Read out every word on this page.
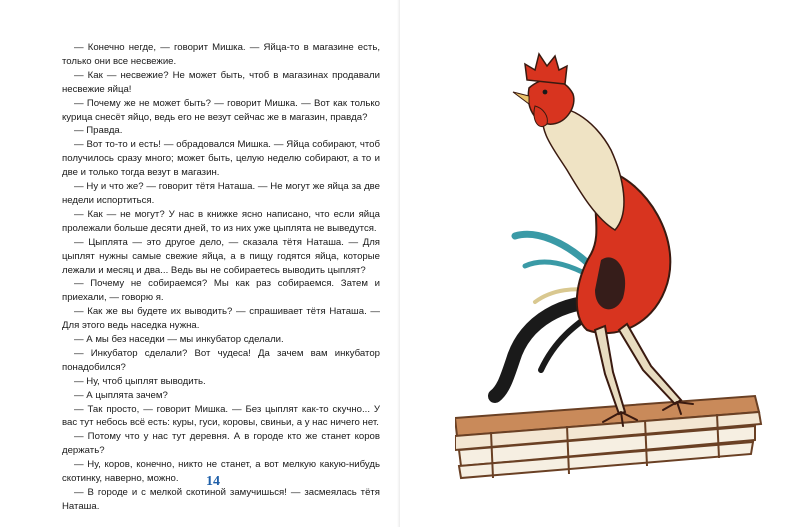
— Конечно негде, — говорит Мишка. — Яйца-то в магазине есть, только они все несвежие.

— Как — несвежие? Не может быть, чтоб в магазинах продавали несвежие яйца!

— Почему же не может быть? — говорит Мишка. — Вот как только курица снесёт яйцо, ведь его не везут сейчас же в магазин, правда?

— Правда.

— Вот то-то и есть! — обрадовался Мишка. — Яйца собирают, чтоб получилось сразу много; может быть, целую неделю собирают, а то и две и только тогда везут в магазин.

— Ну и что же? — говорит тётя Наташа. — Не могут же яйца за две недели испортиться.

— Как — не могут? У нас в книжке ясно написано, что если яйца пролежали больше десяти дней, то из них уже цыплята не выведутся.

— Цыплята — это другое дело, — сказала тётя Наташа. — Для цыплят нужны самые свежие яйца, а в пищу годятся яйца, которые лежали и месяц и два... Ведь вы не собираетесь выводить цыплят?

— Почему не собираемся? Мы как раз собираемся. Затем и приехали, — говорю я.

— Как же вы будете их выводить? — спрашивает тётя Наташа. — Для этого ведь наседка нужна.

— А мы без наседки — мы инкубатор сделали.

— Инкубатор сделали? Вот чудеса! Да зачем вам инкубатор понадобился?

— Ну, чтоб цыплят выводить.

— А цыплята зачем?

— Так просто, — говорит Мишка. — Без цыплят как-то скучно... У вас тут небось всё есть: куры, гуси, коровы, свиньи, а у нас ничего нет.

— Потому что у нас тут деревня. А в городе кто же станет коров держать?

— Ну, коров, конечно, никто не станет, а вот мелкую какую-нибудь скотинку, наверно, можно.

— В городе и с мелкой скотиной замучишься! — засмеялась тётя Наташа.

14
